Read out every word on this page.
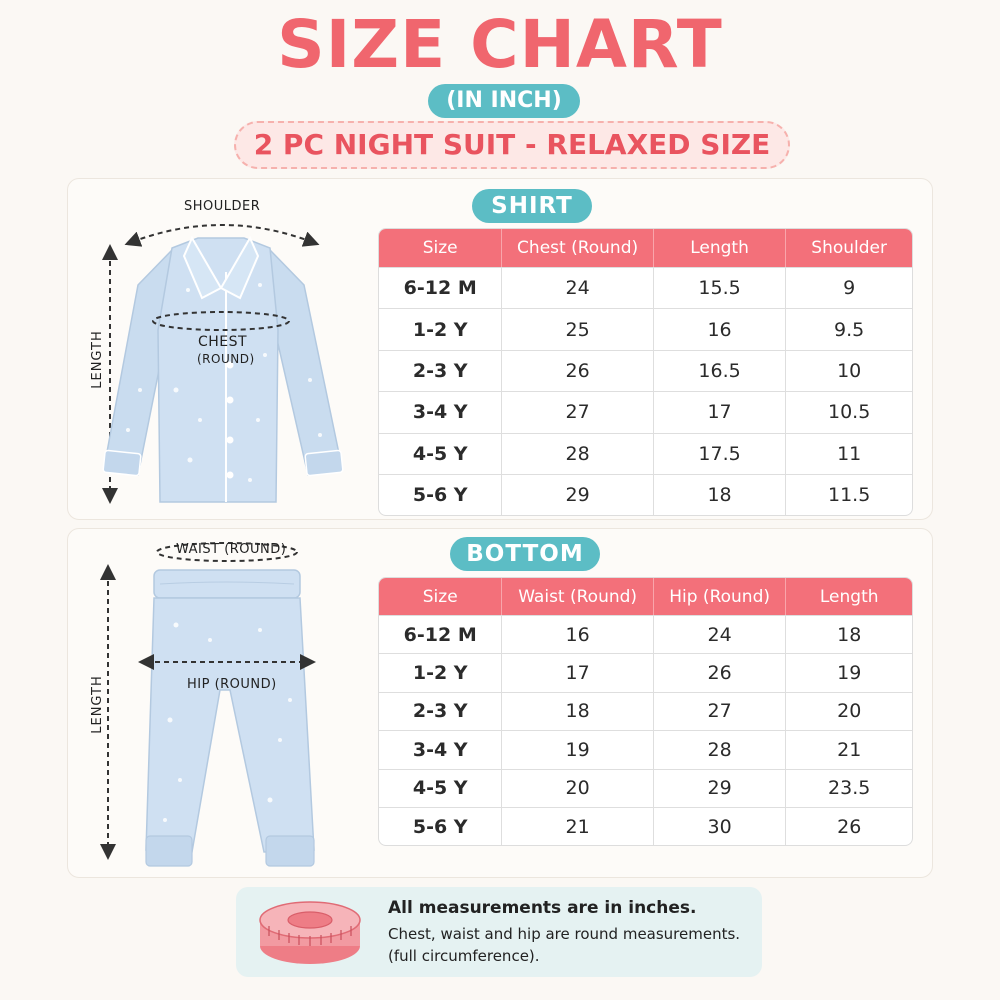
SIZE CHART
(IN INCH)
2 PC NIGHT SUIT - RELAXED SIZE
SHIRT
SHOULDER
CHEST
(ROUND)
LENGTH
Size	Chest (Round)	Length	Shoulder
6-12 M	24	15.5	9
1-2 Y	25	16	9.5
2-3 Y	26	16.5	10
3-4 Y	27	17	10.5
4-5 Y	28	17.5	11
5-6 Y	29	18	11.5
BOTTOM
WAIST (ROUND)
HIP (ROUND)
LENGTH
Size	Waist (Round)	Hip (Round)	Length
6-12 M	16	24	18
1-2 Y	17	26	19
2-3 Y	18	27	20
3-4 Y	19	28	21
4-5 Y	20	29	23.5
5-6 Y	21	30	26
All measurements are in inches.
Chest, waist and hip are round measurements.
(full circumference).
